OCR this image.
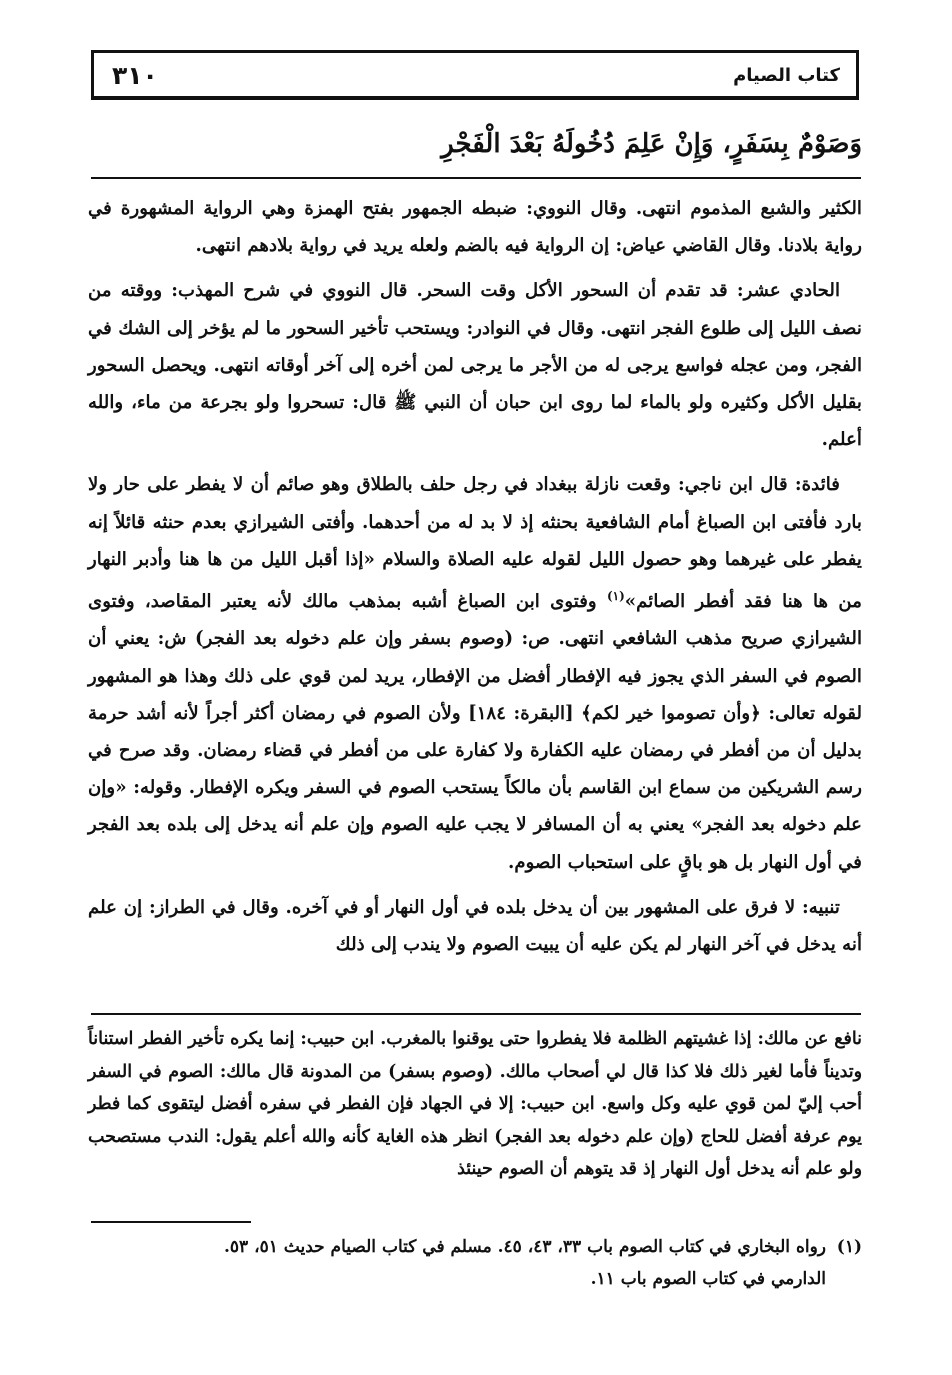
كتاب الصيام
٣١٠
وَصَوْمٌ بِسَفَرٍ، وَإِنْ عَلِمَ دُخُولَهُ بَعْدَ الْفَجْرِ

الكثير والشبع المذموم انتهى. وقال النووي: ضبطه الجمهور بفتح الهمزة وهي الرواية المشهورة في رواية بلادنا. وقال القاضي عياض: إن الرواية فيه بالضم ولعله يريد في رواية بلادهم انتهى.

الحادي عشر: قد تقدم أن السحور الأكل وقت السحر. قال النووي في شرح المهذب: ووقته من نصف الليل إلى طلوع الفجر انتهى. وقال في النوادر: ويستحب تأخير السحور ما لم يؤخر إلى الشك في الفجر، ومن عجله فواسع يرجى له من الأجر ما يرجى لمن أخره إلى آخر أوقاته انتهى. ويحصل السحور بقليل الأكل وكثيره ولو بالماء لما روى ابن حبان أن النبي ﷺ قال: تسحروا ولو بجرعة من ماء، والله أعلم.

فائدة: قال ابن ناجي: وقعت نازلة ببغداد في رجل حلف بالطلاق وهو صائم أن لا يفطر على حار ولا بارد فأفتى ابن الصباغ أمام الشافعية بحنثه إذ لا بد له من أحدهما. وأفتى الشيرازي بعدم حنثه قائلاً إنه يفطر على غيرهما وهو حصول الليل لقوله عليه الصلاة والسلام «إذا أقبل الليل من ها هنا وأدبر النهار من ها هنا فقد أفطر الصائم»$^{(١)}$ وفتوى ابن الصباغ أشبه بمذهب مالك لأنه يعتبر المقاصد، وفتوى الشيرازي صريح مذهب الشافعي انتهى. ص: (وصوم بسفر وإن علم دخوله بعد الفجر) ش: يعني أن الصوم في السفر الذي يجوز فيه الإفطار أفضل من الإفطار، يريد لمن قوي على ذلك وهذا هو المشهور لقوله تعالى: ﴿وأن تصوموا خير لكم﴾ [البقرة: ١٨٤] ولأن الصوم في رمضان أكثر أجراً لأنه أشد حرمة بدليل أن من أفطر في رمضان عليه الكفارة ولا كفارة على من أفطر في قضاء رمضان. وقد صرح في رسم الشريكين من سماع ابن القاسم بأن مالكاً يستحب الصوم في السفر ويكره الإفطار. وقوله: «وإن علم دخوله بعد الفجر» يعني به أن المسافر لا يجب عليه الصوم وإن علم أنه يدخل إلى بلده بعد الفجر في أول النهار بل هو باقٍ على استحباب الصوم.

تنبيه: لا فرق على المشهور بين أن يدخل بلده في أول النهار أو في آخره. وقال في الطراز: إن علم أنه يدخل في آخر النهار لم يكن عليه أن يبيت الصوم ولا يندب إلى ذلك

نافع عن مالك: إذا غشيتهم الظلمة فلا يفطروا حتى يوقنوا بالمغرب. ابن حبيب: إنما يكره تأخير الفطر استناناً وتديناً فأما لغير ذلك فلا كذا قال لي أصحاب مالك. (وصوم بسفر) من المدونة قال مالك: الصوم في السفر أحب إليّ لمن قوي عليه وكل واسع. ابن حبيب: إلا في الجهاد فإن الفطر في سفره أفضل ليتقوى كما فطر يوم عرفة أفضل للحاج (وإن علم دخوله بعد الفجر) انظر هذه الغاية كأنه والله أعلم يقول: الندب مستصحب ولو علم أنه يدخل أول النهار إذ قد يتوهم أن الصوم حينئذ
(١)رواه البخاري في كتاب الصوم باب ٣٣، ٤٣، ٤٥. مسلم في كتاب الصيام حديث ٥١، ٥٣.
الدارمي في كتاب الصوم باب ١١.
